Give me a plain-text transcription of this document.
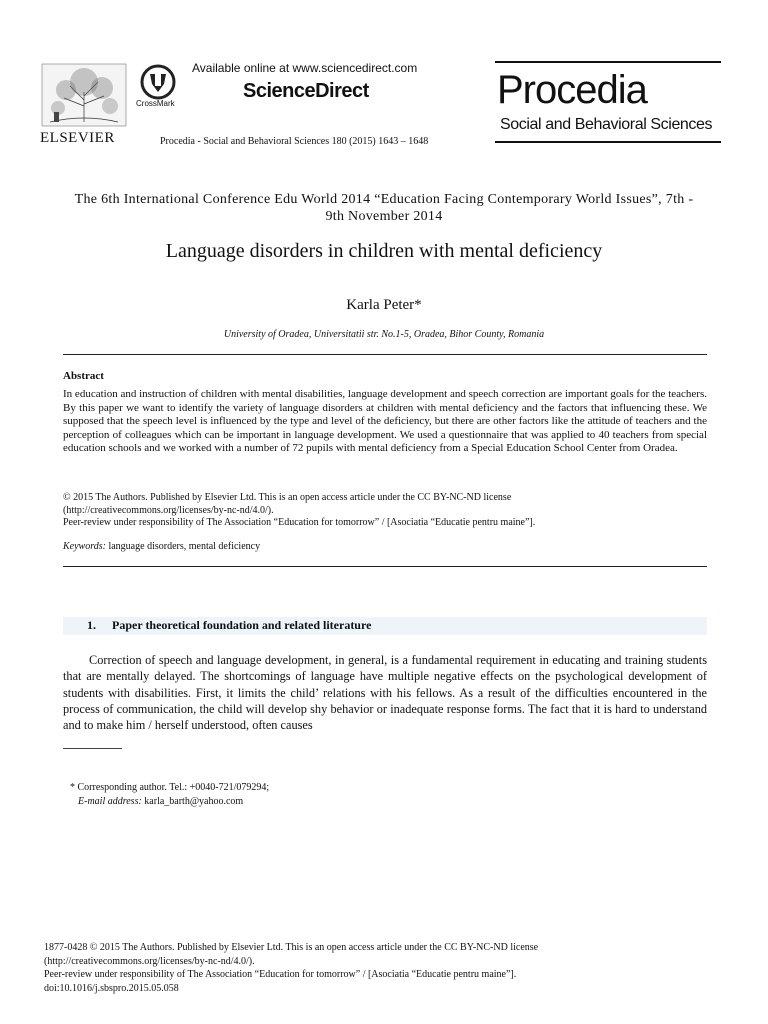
ELSEVIER
CrossMark
Available online at www.sciencedirect.com
ScienceDirect
Procedia - Social and Behavioral Sciences 180 (2015) 1643 – 1648
Procedia
Social and Behavioral Sciences
The 6th International Conference Edu World 2014 “Education Facing Contemporary World Issues”, 7th - 9th November 2014
Language disorders in children with mental deficiency
Karla Peter*
University of Oradea, Universitatii str. No.1-5, Oradea, Bihor County, Romania
Abstract
In education and instruction of children with mental disabilities, language development and speech correction are important goals for the teachers. By this paper we want to identify the variety of language disorders at children with mental deficiency and the factors that influencing these. We supposed that the speech level is influenced by the type and level of the deficiency, but there are other factors like the attitude of teachers and the perception of colleagues which can be important in language development. We used a questionnaire that was applied to 40 teachers from special education schools and we worked with a number of 72 pupils with mental deficiency from a Special Education School Center from Oradea.
© 2015 The Authors. Published by Elsevier Ltd. This is an open access article under the CC BY-NC-ND license
(http://creativecommons.org/licenses/by-nc-nd/4.0/).
Peer-review under responsibility of The Association “Education for tomorrow” / [Asociatia “Educatie pentru maine”].
Keywords: language disorders, mental deficiency
1. Paper theoretical foundation and related literature
Correction of speech and language development, in general, is a fundamental requirement in educating and training students that are mentally delayed. The shortcomings of language have multiple negative effects on the psychological development of students with disabilities. First, it limits the child’ relations with his fellows. As a result of the difficulties encountered in the process of communication, the child will develop shy behavior or inadequate response forms. The fact that it is hard to understand and to make him / herself understood, often causes
* Corresponding author. Tel.: +0040-721/079294;
E-mail address: karla_barth@yahoo.com
1877-0428 © 2015 The Authors. Published by Elsevier Ltd. This is an open access article under the CC BY-NC-ND license
(http://creativecommons.org/licenses/by-nc-nd/4.0/).
Peer-review under responsibility of The Association “Education for tomorrow” / [Asociatia “Educatie pentru maine”].
doi:10.1016/j.sbspro.2015.05.058
